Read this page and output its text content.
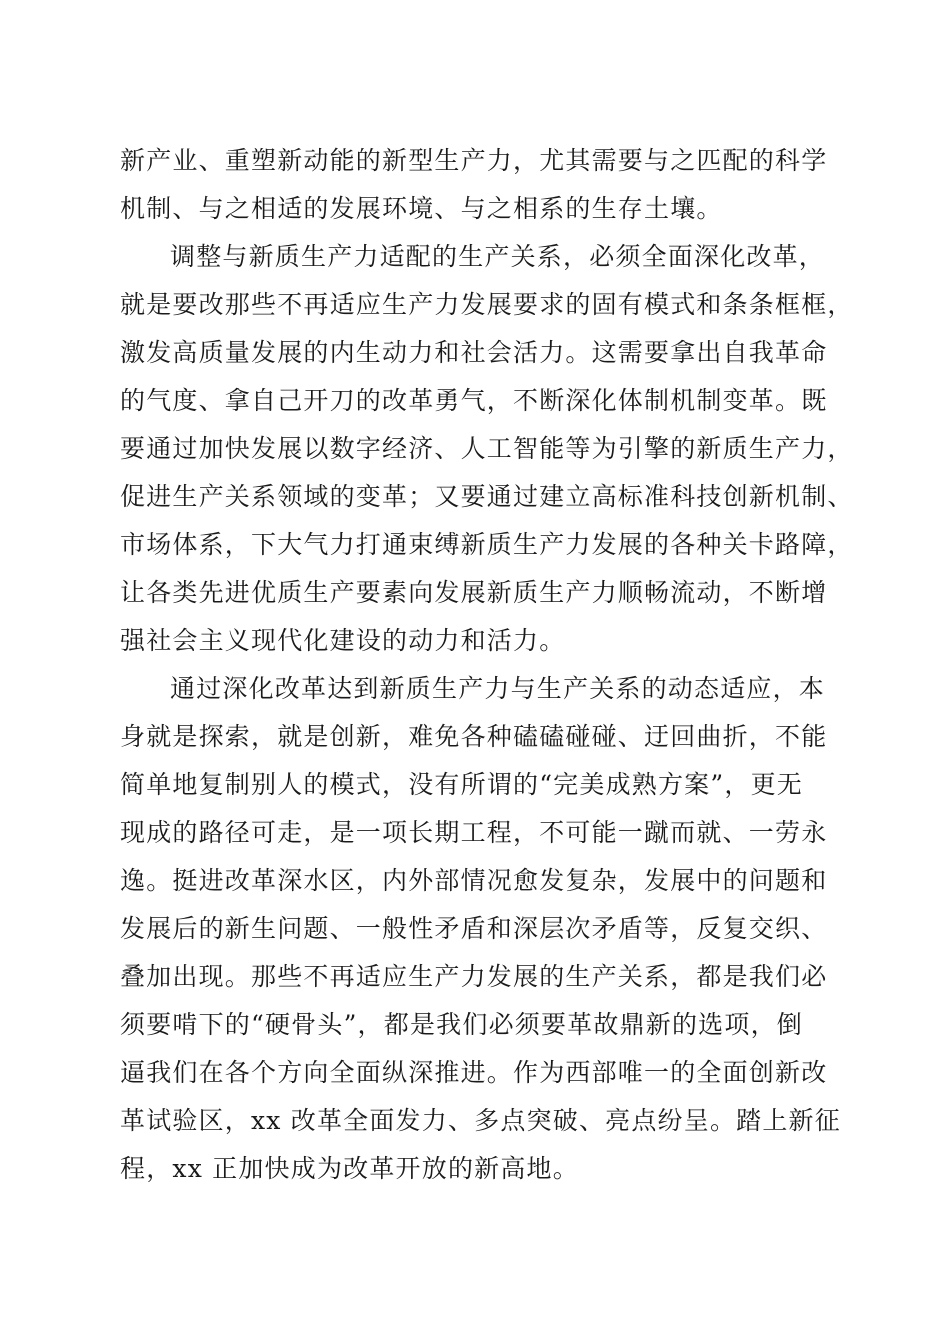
新产业、重塑新动能的新型生产力，尤其需要与之匹配的科学
机制、与之相适的发展环境、与之相系的生存土壤。
调整与新质生产力适配的生产关系，必须全面深化改革，
就是要改那些不再适应生产力发展要求的固有模式和条条框框，
激发高质量发展的内生动力和社会活力。这需要拿出自我革命
的气度、拿自己开刀的改革勇气，不断深化体制机制变革。既
要通过加快发展以数字经济、人工智能等为引擎的新质生产力，
促进生产关系领域的变革；又要通过建立高标准科技创新机制、
市场体系，下大气力打通束缚新质生产力发展的各种关卡路障，
让各类先进优质生产要素向发展新质生产力顺畅流动，不断增
强社会主义现代化建设的动力和活力。
通过深化改革达到新质生产力与生产关系的动态适应，本
身就是探索，就是创新，难免各种磕磕碰碰、迂回曲折，不能
简单地复制别人的模式，没有所谓的“完美成熟方案”，更无
现成的路径可走，是一项长期工程，不可能一蹴而就、一劳永
逸。挺进改革深水区，内外部情况愈发复杂，发展中的问题和
发展后的新生问题、一般性矛盾和深层次矛盾等，反复交织、
叠加出现。那些不再适应生产力发展的生产关系，都是我们必
须要啃下的“硬骨头”，都是我们必须要革故鼎新的选项，倒
逼我们在各个方向全面纵深推进。作为西部唯一的全面创新改
革试验区，xx 改革全面发力、多点突破、亮点纷呈。踏上新征
程，xx 正加快成为改革开放的新高地。
